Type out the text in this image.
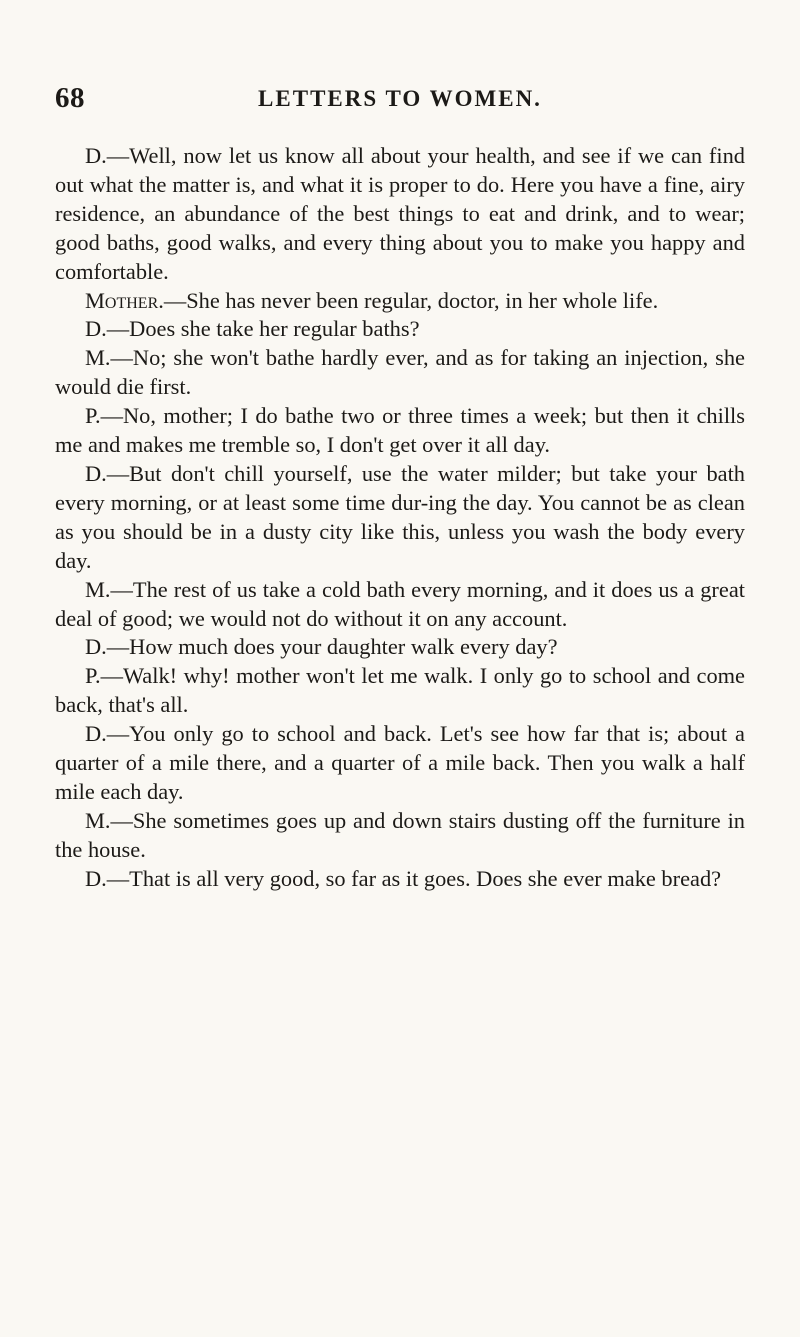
68	LETTERS TO WOMEN.

D.—Well, now let us know all about your health, and see if we can find out what the matter is, and what it is proper to do. Here you have a fine, airy residence, an abundance of the best things to eat and drink, and to wear; good baths, good walks, and every thing about you to make you happy and comfortable.

Mother.—She has never been regular, doctor, in her whole life.

D.—Does she take her regular baths?

M.—No; she won't bathe hardly ever, and as for taking an injection, she would die first.

P.—No, mother; I do bathe two or three times a week; but then it chills me and makes me tremble so, I don't get over it all day.

D.—But don't chill yourself, use the water milder; but take your bath every morning, or at least some time dur-ing the day. You cannot be as clean as you should be in a dusty city like this, unless you wash the body every day.

M.—The rest of us take a cold bath every morning, and it does us a great deal of good; we would not do without it on any account.

D.—How much does your daughter walk every day?

P.—Walk! why! mother won't let me walk. I only go to school and come back, that's all.

D.—You only go to school and back. Let's see how far that is; about a quarter of a mile there, and a quarter of a mile back. Then you walk a half mile each day.

M.—She sometimes goes up and down stairs dusting off the furniture in the house.

D.—That is all very good, so far as it goes. Does she ever make bread?
